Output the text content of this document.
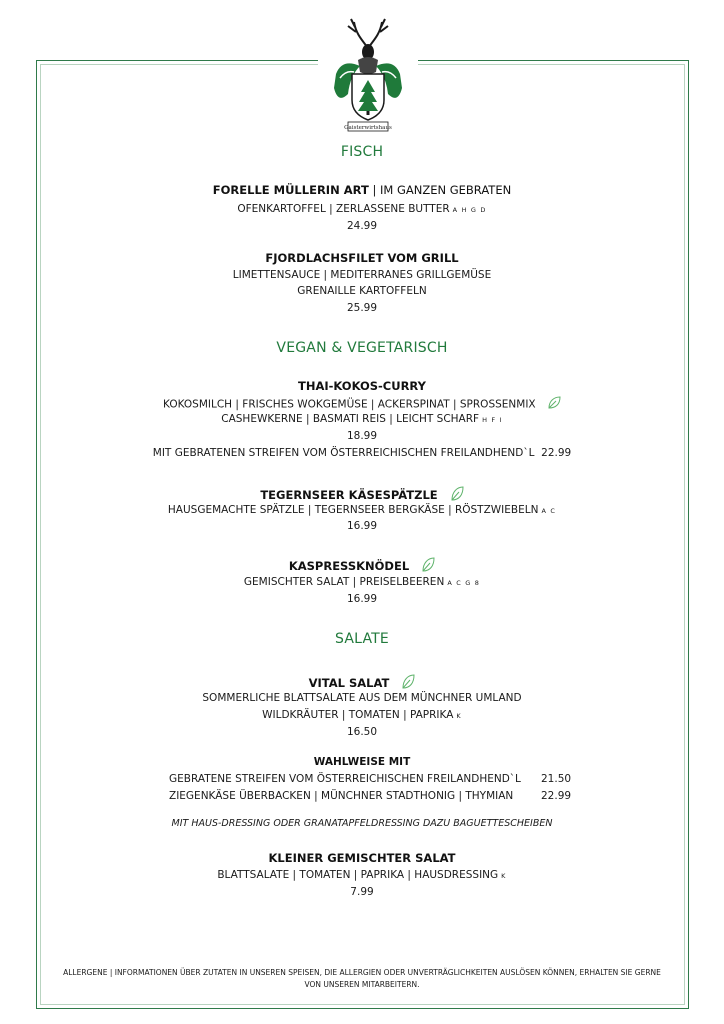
Gaisterwirtshaus
FISCH
FORELLE MÜLLERIN ART | IM GANZEN GEBRATEN
OFENKARTOFFEL | ZERLASSENE BUTTER A H G D
24.99
FJORDLACHSFILET VOM GRILL
LIMETTENSAUCE | MEDITERRANES GRILLGEMÜSE
GRENAILLE KARTOFFELN
25.99
VEGAN & VEGETARISCH
THAI-KOKOS-CURRY
KOKOSMILCH | FRISCHES WOKGEMÜSE | ACKERSPINAT | SPROSSENMIX
CASHEWKERNE | BASMATI REIS | LEICHT SCHARF H F I
18.99
MIT GEBRATENEN STREIFEN VOM ÖSTERREICHISCHEN FREILANDHEND`L 22.99
TEGERNSEER KÄSESPÄTZLE
HAUSGEMACHTE SPÄTZLE | TEGERNSEER BERGKÄSE | RÖSTZWIEBELN A C
16.99
KASPRESSKNÖDEL
GEMISCHTER SALAT | PREISELBEEREN A C G 8
16.99
SALATE
VITAL SALAT
SOMMERLICHE BLATTSALATE AUS DEM MÜNCHNER UMLAND
WILDKRÄUTER | TOMATEN | PAPRIKA K
16.50
WAHLWEISE MIT
GEBRATENE STREIFEN VOM ÖSTERREICHISCHEN FREILANDHEND`L 21.50
ZIEGENKÄSE ÜBERBACKEN | MÜNCHNER STADTHONIG | THYMIAN	22.99
MIT HAUS-DRESSING ODER GRANATAPFELDRESSING DAZU BAGUETTESCHEIBEN
KLEINER GEMISCHTER SALAT
BLATTSALATE | TOMATEN | PAPRIKA | HAUSDRESSING K
7.99
ALLERGENE | INFORMATIONEN ÜBER ZUTATEN IN UNSEREN SPEISEN, DIE ALLERGIEN ODER UNVERTRÄGLICHKEITEN AUSLÖSEN KÖNNEN, ERHALTEN SIE GERNE VON UNSEREN MITARBEITERN.
